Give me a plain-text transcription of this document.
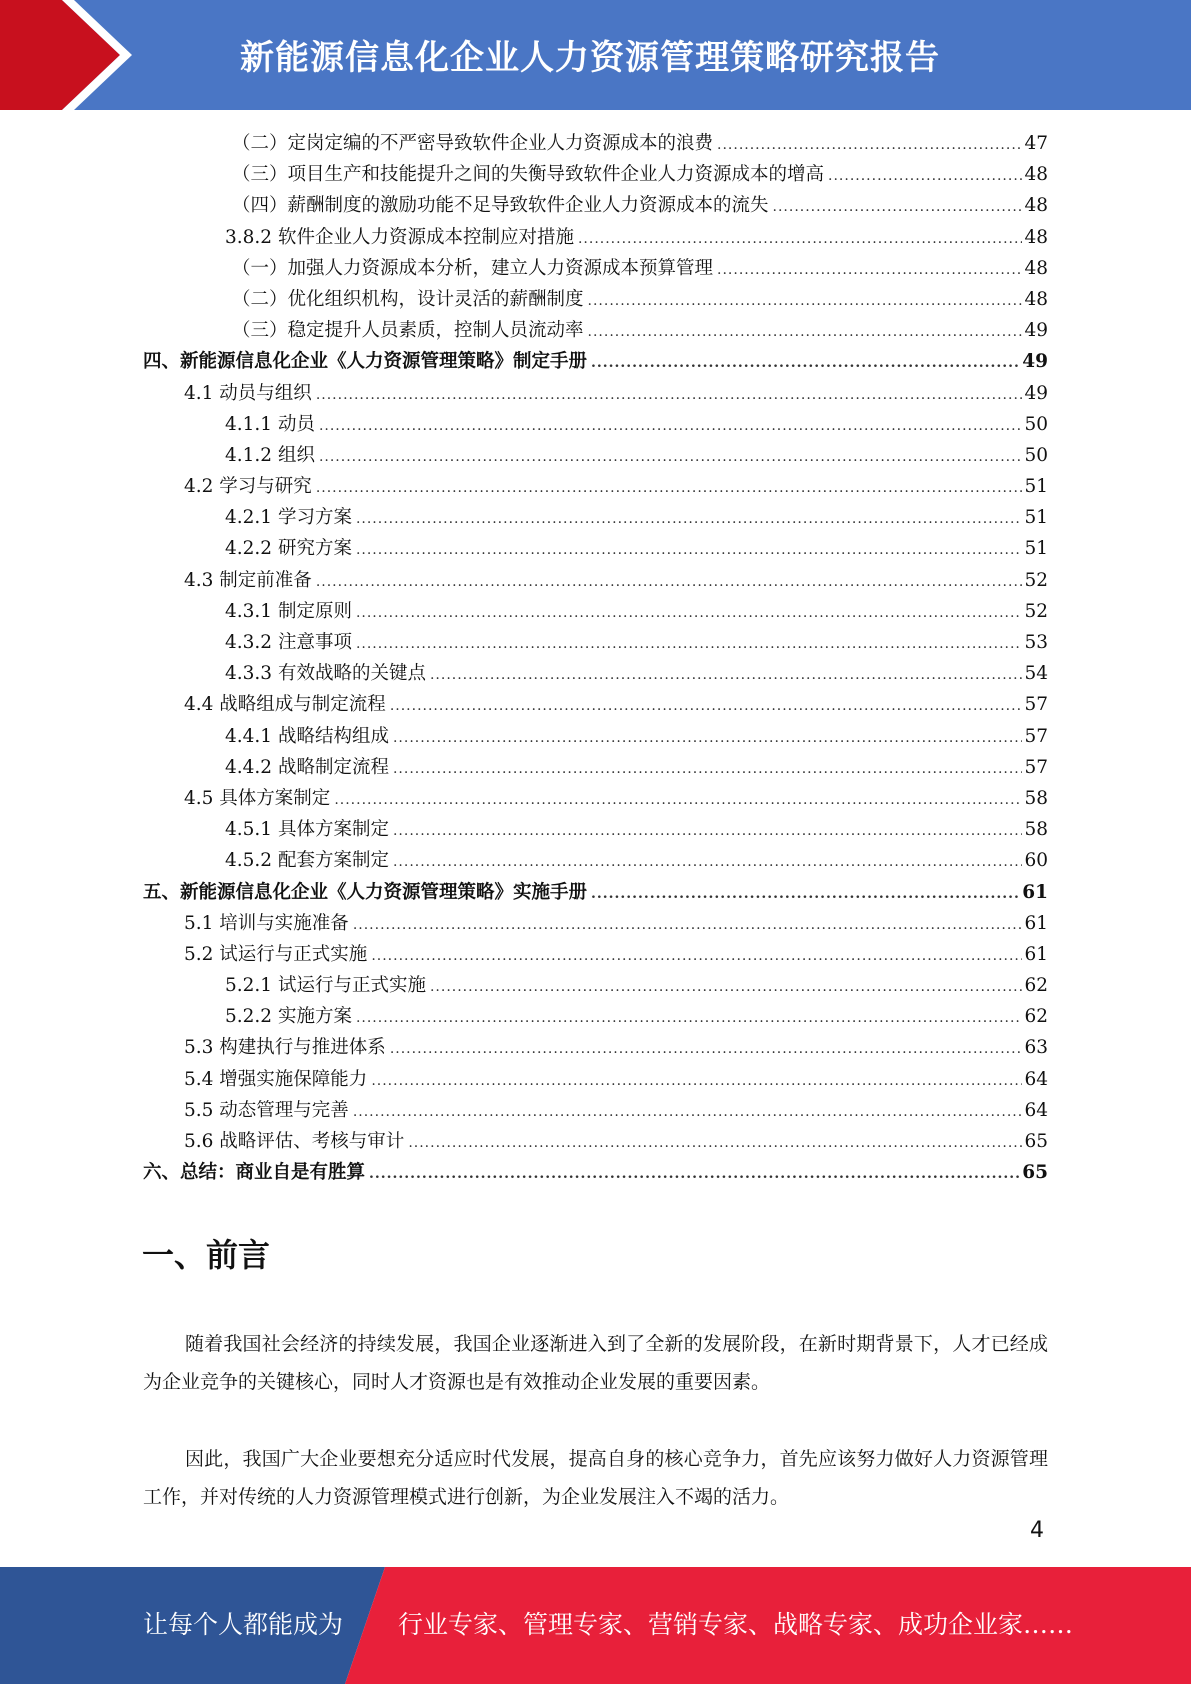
新能源信息化企业人力资源管理策略研究报告
（二）定岗定编的不严密导致软件企业人力资源成本的浪费 .....	47
（三）项目生产和技能提升之间的失衡导致软件企业人力资源成本的增高 .....	48
（四）薪酬制度的激励功能不足导致软件企业人力资源成本的流失 .....	48
3.8.2 软件企业人力资源成本控制应对措施 .....	48
（一）加强人力资源成本分析，建立人力资源成本预算管理 .....	48
（二）优化组织机构，设计灵活的薪酬制度 .....	48
（三）稳定提升人员素质，控制人员流动率 .....	49
四、新能源信息化企业《人力资源管理策略》制定手册 .....	49
4.1 动员与组织 .....	49
4.1.1 动员 .....	50
4.1.2 组织 .....	50
4.2 学习与研究 .....	51
4.2.1 学习方案 .....	51
4.2.2 研究方案 .....	51
4.3 制定前准备 .....	52
4.3.1 制定原则 .....	52
4.3.2 注意事项 .....	53
4.3.3 有效战略的关键点 .....	54
4.4 战略组成与制定流程 .....	57
4.4.1 战略结构组成 .....	57
4.4.2 战略制定流程 .....	57
4.5 具体方案制定 .....	58
4.5.1 具体方案制定 .....	58
4.5.2 配套方案制定 .....	60
五、新能源信息化企业《人力资源管理策略》实施手册 .....	61
5.1 培训与实施准备 .....	61
5.2 试运行与正式实施 .....	61
5.2.1 试运行与正式实施 .....	62
5.2.2 实施方案 .....	62
5.3 构建执行与推进体系 .....	63
5.4 增强实施保障能力 .....	64
5.5 动态管理与完善 .....	64
5.6 战略评估、考核与审计 .....	65
六、总结：商业自是有胜算 .....	65
一、前言

随着我国社会经济的持续发展，我国企业逐渐进入到了全新的发展阶段，在新时期背景下，人才已经成为企业竞争的关键核心，同时人才资源也是有效推动企业发展的重要因素。

因此，我国广大企业要想充分适应时代发展，提高自身的核心竞争力，首先应该努力做好人力资源管理工作，并对传统的人力资源管理模式进行创新，为企业发展注入不竭的活力。

4
让每个人都能成为 行业专家、管理专家、营销专家、战略专家、成功企业家……
